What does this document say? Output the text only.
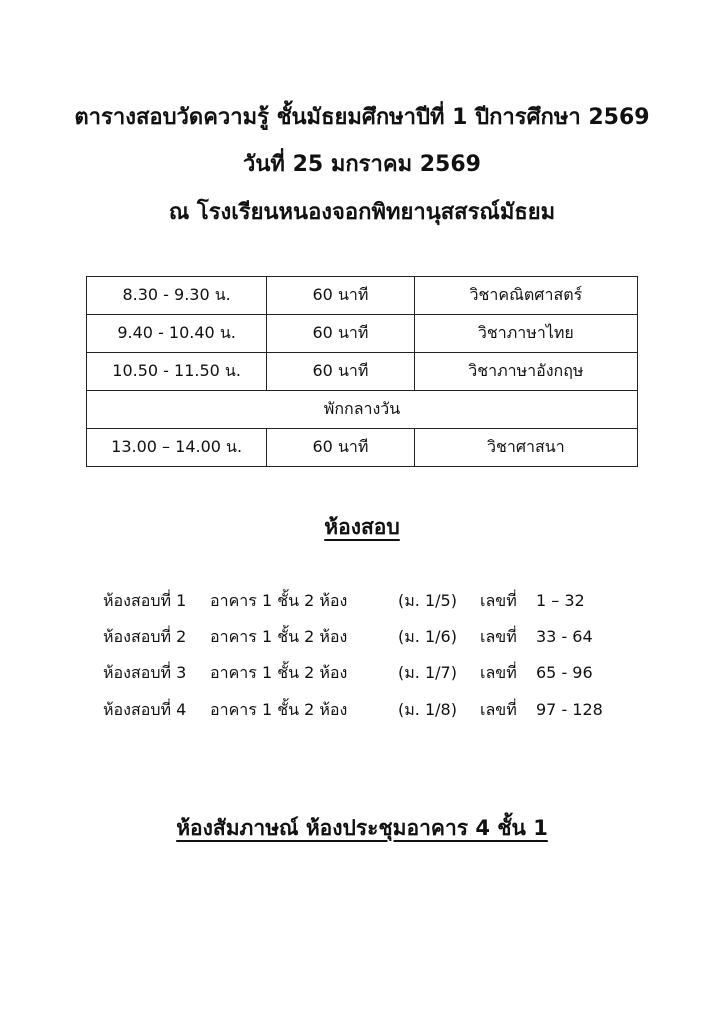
ตารางสอบวัดความรู้ ชั้นมัธยมศึกษาปีที่ 1 ปีการศึกษา 2569
วันที่ 25 มกราคม 2569
ณ โรงเรียนหนองจอกพิทยานุสสรณ์มัธยม
8.30 - 9.30 น.	60 นาที	วิชาคณิตศาสตร์
9.40 - 10.40 น.	60 นาที	วิชาภาษาไทย
10.50 - 11.50 น.	60 นาที	วิชาภาษาอังกฤษ
พักกลางวัน		
13.00 – 14.00 น.	60 นาที	วิชาศาสนา
ห้องสอบ
ห้องสอบที่ 1 อาคาร 1 ชั้น 2 ห้อง	(ม. 1/5) เลขที่ 1 – 32
ห้องสอบที่ 2 อาคาร 1 ชั้น 2 ห้อง	(ม. 1/6) เลขที่ 33 - 64
ห้องสอบที่ 3 อาคาร 1 ชั้น 2 ห้อง	(ม. 1/7) เลขที่ 65 - 96
ห้องสอบที่ 4 อาคาร 1 ชั้น 2 ห้อง	(ม. 1/8) เลขที่ 97 - 128
ห้องสัมภาษณ์ ห้องประชุมอาคาร 4 ชั้น 1
